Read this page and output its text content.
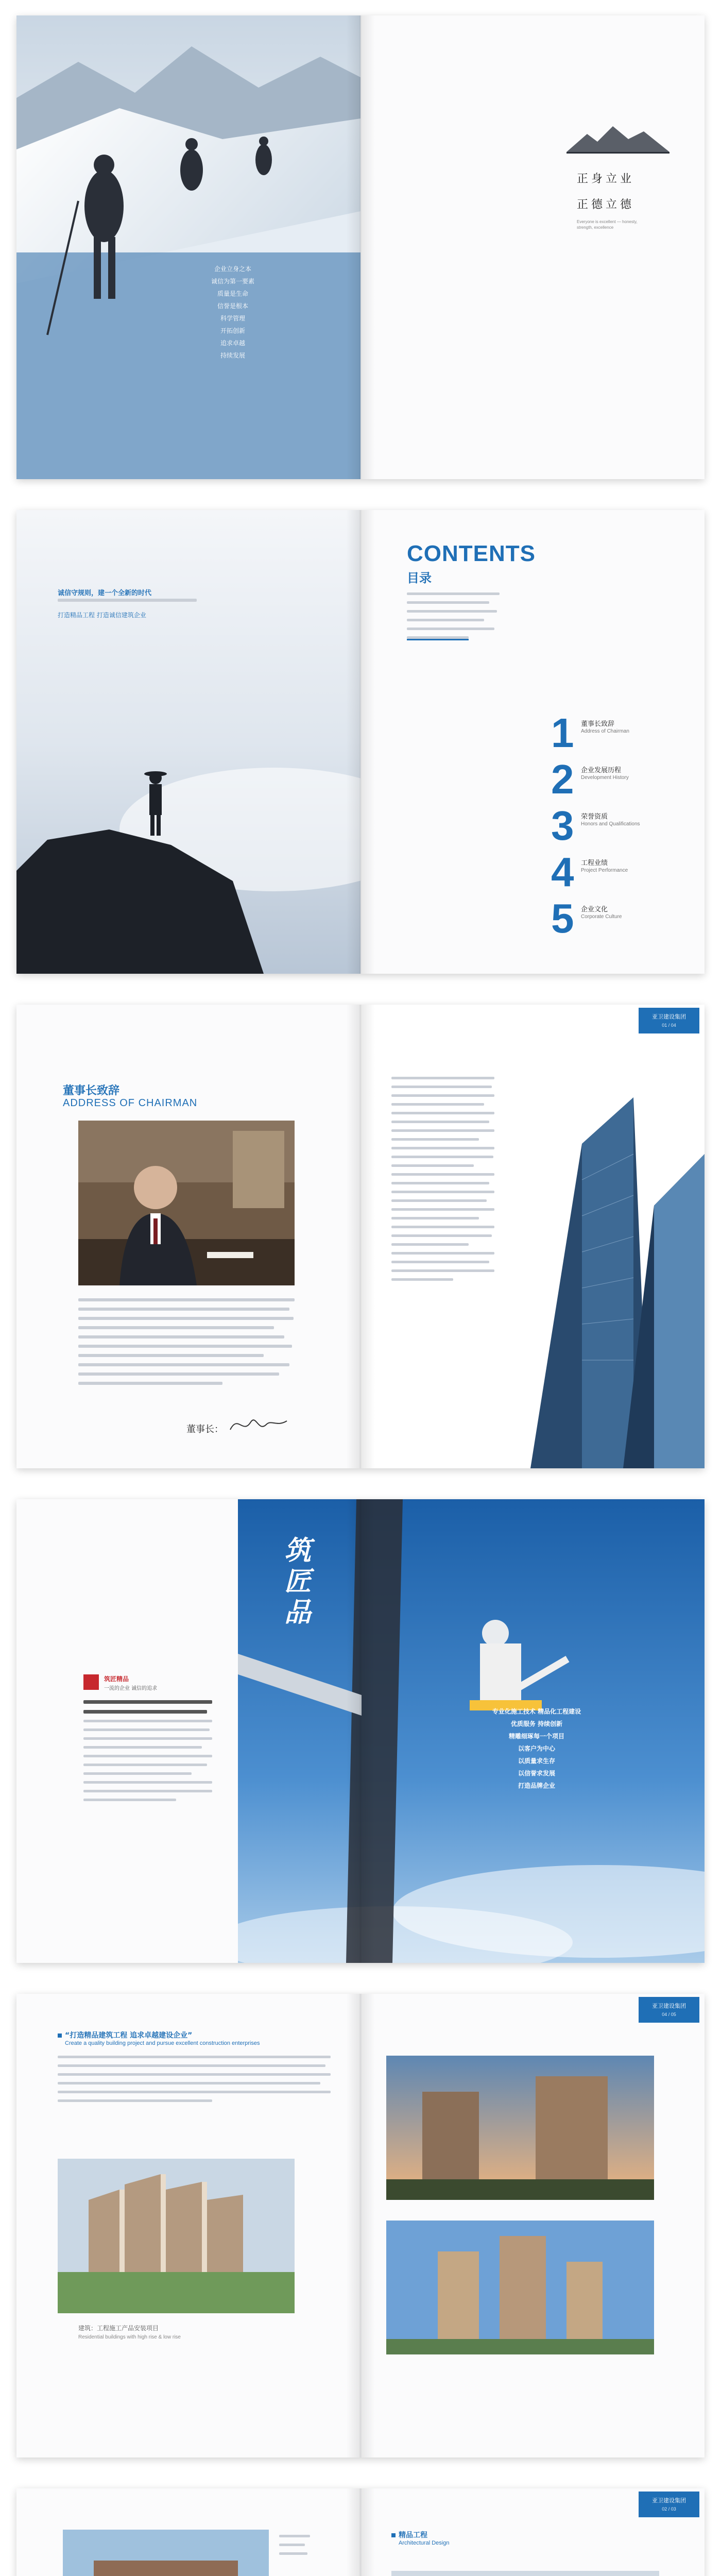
企业立身之本
诚信为第一要素
质量是生命
信誉是根本
科学管理
开拓创新
追求卓越
持续发展
正身立业
正德立德
Everyone is excellent — honesty, strength, excellence
诚信守规则，建一个全新的时代
打造精品工程 打造诚信建筑企业
CONTENTS
目录
1 董事长致辞
Address of Chairman
2 企业发展历程
Development History
3 荣誉资质
Honors and Qualifications
4 工程业绩
Project Performance
5 企业文化
Corporate Culture
董事长致辞
ADDRESS OF CHAIRMAN
董事长：
亚卫建设集团
01 / 04
筑匠精品
一流的企业 诚信的追求
筑匠品
专业化施工技术 精品化工程建设
优质服务 持续创新
精雕细琢每一个项目
以客户为中心
以质量求生存
以信誉求发展
打造品牌企业
“打造精品建筑工程 追求卓越建设企业”
Create a quality building project and pursue excellent construction enterprises
建筑：工程施工产品安装项目
Residential buildings with high rise & low rise
亚卫建设集团
04 / 05
亚卫建设集团
02 / 03
精品工程
Architectural Design
